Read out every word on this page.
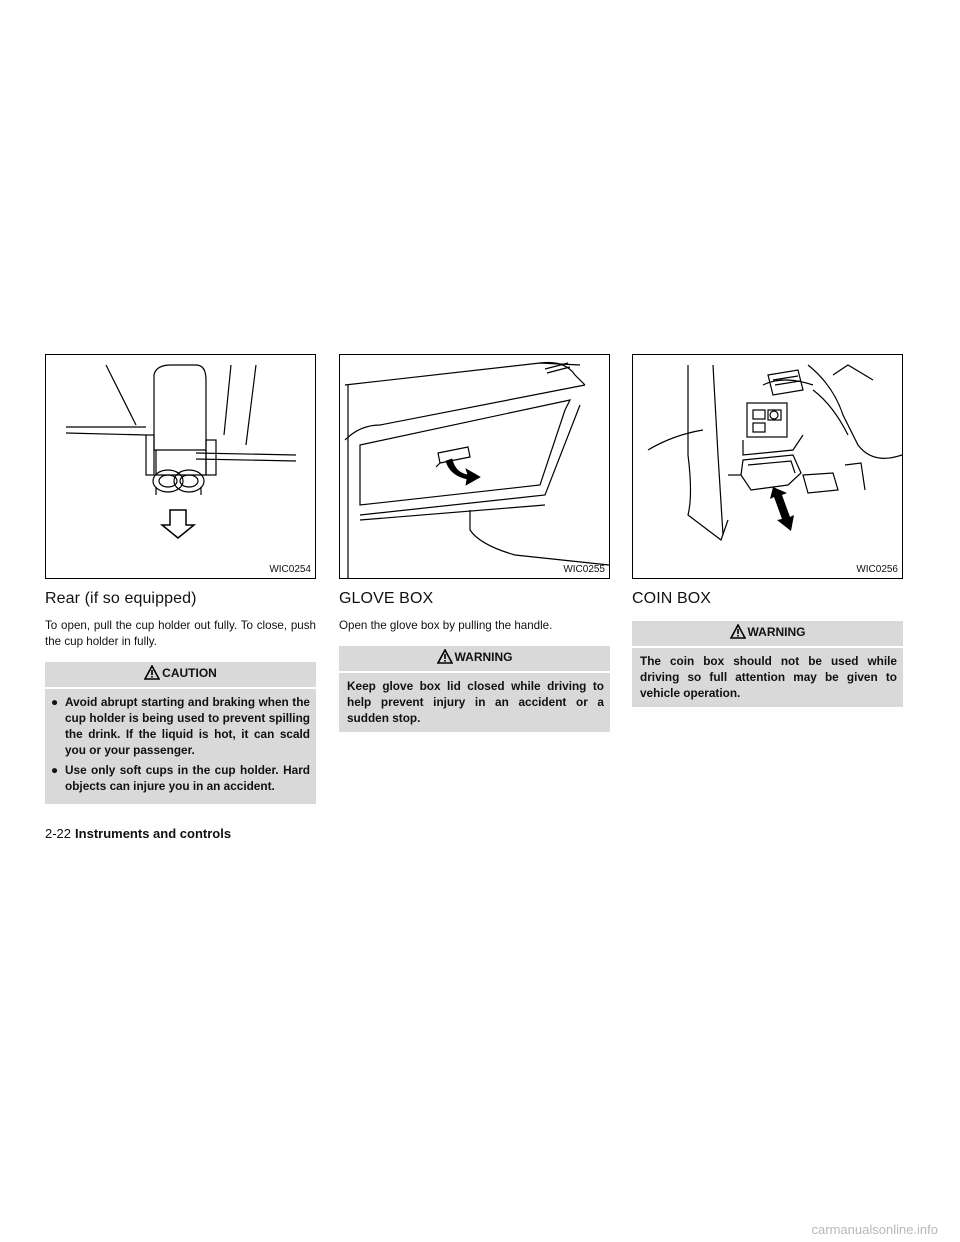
WIC0254
Rear (if so equipped)

To open, pull the cup holder out fully. To close, push the cup holder in fully.

CAUTION
● Avoid abrupt starting and braking when the cup holder is being used to prevent spilling the drink. If the liquid is hot, it can scald you or your passenger.
● Use only soft cups in the cup holder. Hard objects can injure you in an accident.
WIC0255
GLOVE BOX

Open the glove box by pulling the handle.

WARNING
Keep glove box lid closed while driving to help prevent injury in an accident or a sudden stop.
WIC0256
COIN BOX
WARNING
The coin box should not be used while driving so full attention may be given to vehicle operation.
2-22 Instruments and controls
carmanualsonline.info
